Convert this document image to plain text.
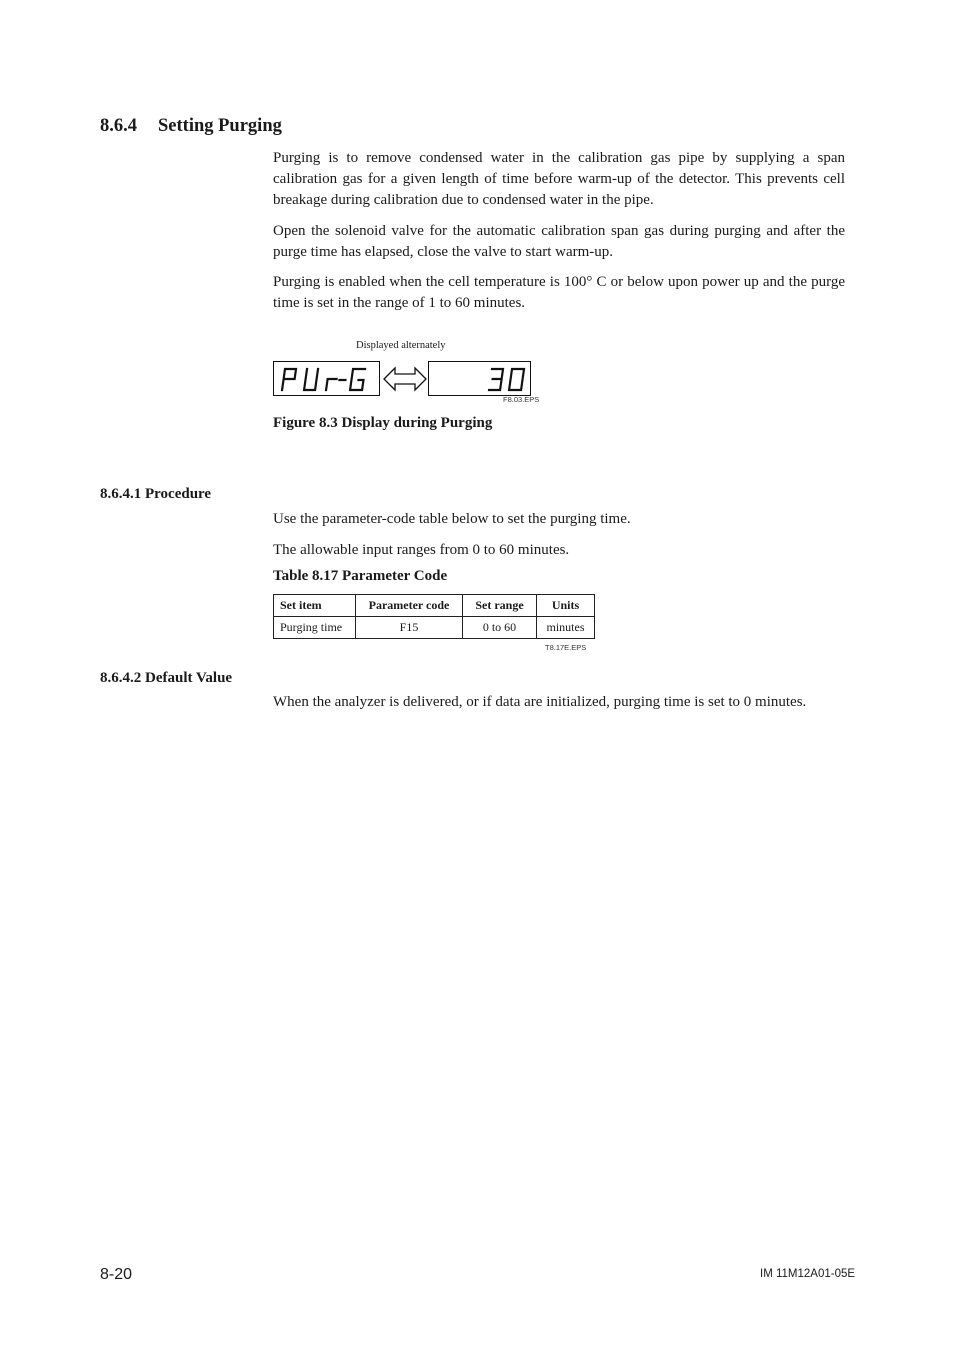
8.6.4 Setting Purging

Purging is to remove condensed water in the calibration gas pipe by supplying a span calibration gas for a given length of time before warm-up of the detector. This prevents cell breakage during calibration due to condensed water in the pipe.

Open the solenoid valve for the automatic calibration span gas during purging and after the purge time has elapsed, close the valve to start warm-up.

Purging is enabled when the cell temperature is 100° C or below upon power up and the purge time is set in the range of 1 to 60 minutes.

Displayed alternately
F8.03.EPS

Figure 8.3 Display during Purging

8.6.4.1 Procedure

Use the parameter-code table below to set the purging time.

The allowable input ranges from 0 to 60 minutes.

Table 8.17 Parameter Code

Set item	Parameter code	Set range	Units
Purging time	F15	0 to 60	minutes
T8.17E.EPS

8.6.4.2 Default Value

When the analyzer is delivered, or if data are initialized, purging time is set to 0 minutes.

8-20	IM 11M12A01-05E
